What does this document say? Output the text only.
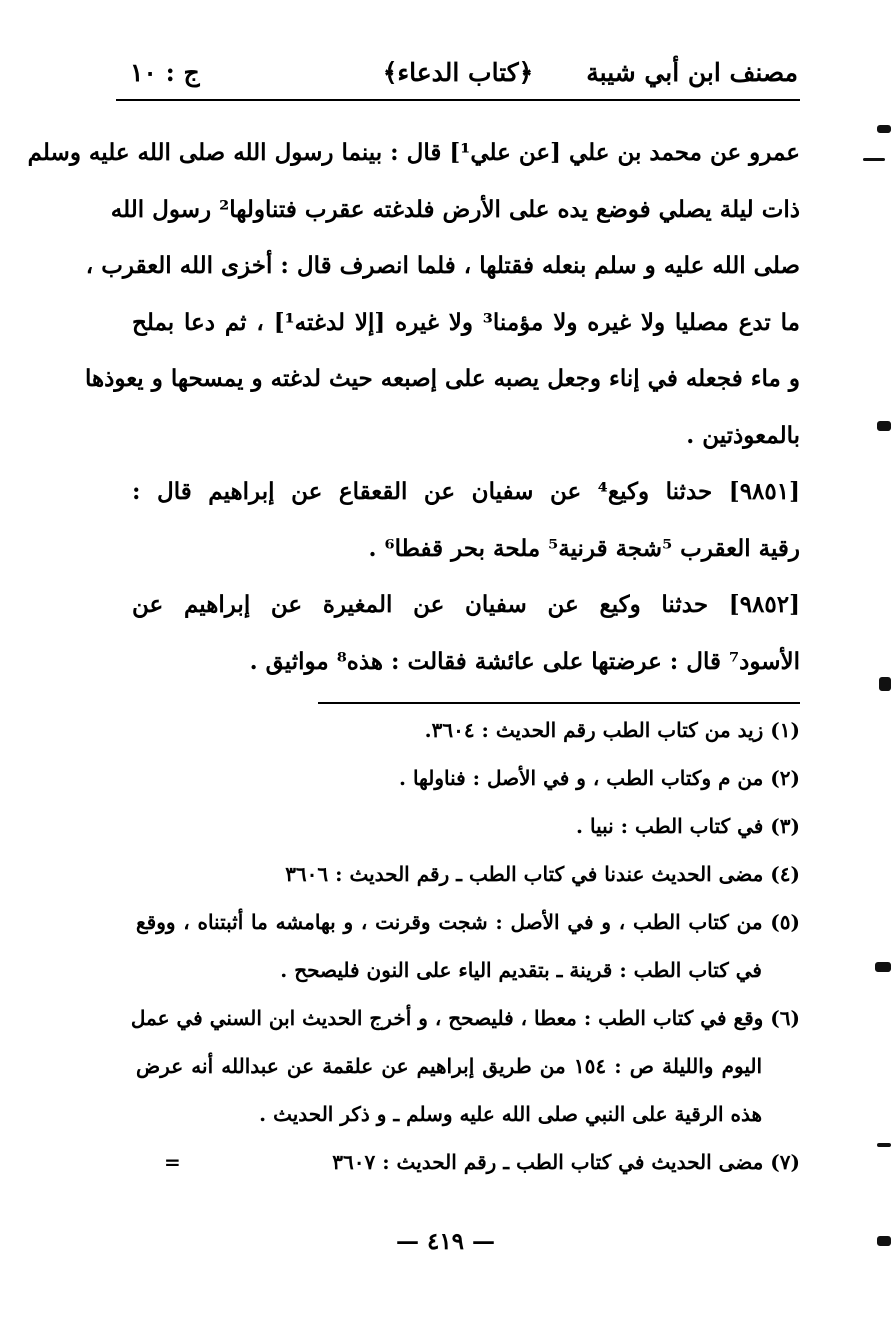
مصنف ابن أبي شيبة
﴿كتاب الدعاء﴾
ج : ١٠
عمرو عن محمد بن علي [عن علي¹] قال : بينما رسول الله صلى الله عليه وسلم
ذات ليلة يصلي فوضع يده على الأرض فلدغته عقرب فتناولها² رسول الله
صلى الله عليه و سلم بنعله فقتلها ، فلما انصرف قال : أخزى الله العقرب ،
ما تدع مصليا ولا غيره ولا مؤمنا³ ولا غيره [إلا لدغته¹] ، ثم دعا بملح
و ماء فجعله في إناء وجعل يصبه على إصبعه حيث لدغته و يمسحها و يعوذها
بالمعوذتين .
[٩٨٥١] حدثنا وكيع⁴ عن سفيان عن القعقاع عن إبراهيم قال :
رقية العقرب ⁵شجة قرنية⁵ ملحة بحر قفطا⁶ .
[٩٨٥٢] حدثنا وكيع عن سفيان عن المغيرة عن إبراهيم عن
الأسود⁷ قال : عرضتها على عائشة فقالت : هذه⁸ مواثيق .
(١) زيد من كتاب الطب رقم الحديث : ٣٦٠٤.
(٢) من م وكتاب الطب ، و في الأصل : فناولها .
(٣) في كتاب الطب : نبيا .
(٤) مضى الحديث عندنا في كتاب الطب ـ رقم الحديث : ٣٦٠٦
(٥) من كتاب الطب ، و في الأصل : شجت وقرنت ، و بهامشه ما أثبتناه ، ووقع
في كتاب الطب : قرينة ـ بتقديم الياء على النون فليصحح .
(٦) وقع في كتاب الطب : معطا ، فليصحح ، و أخرج الحديث ابن السني في عمل
اليوم والليلة ص : ١٥٤ من طريق إبراهيم عن علقمة عن عبدالله أنه عرض
هذه الرقية على النبي صلى الله عليه وسلم ـ و ذكر الحديث .
(٧) مضى الحديث في كتاب الطب ـ رقم الحديث : ٣٦٠٧
=
— ٤١٩ —
